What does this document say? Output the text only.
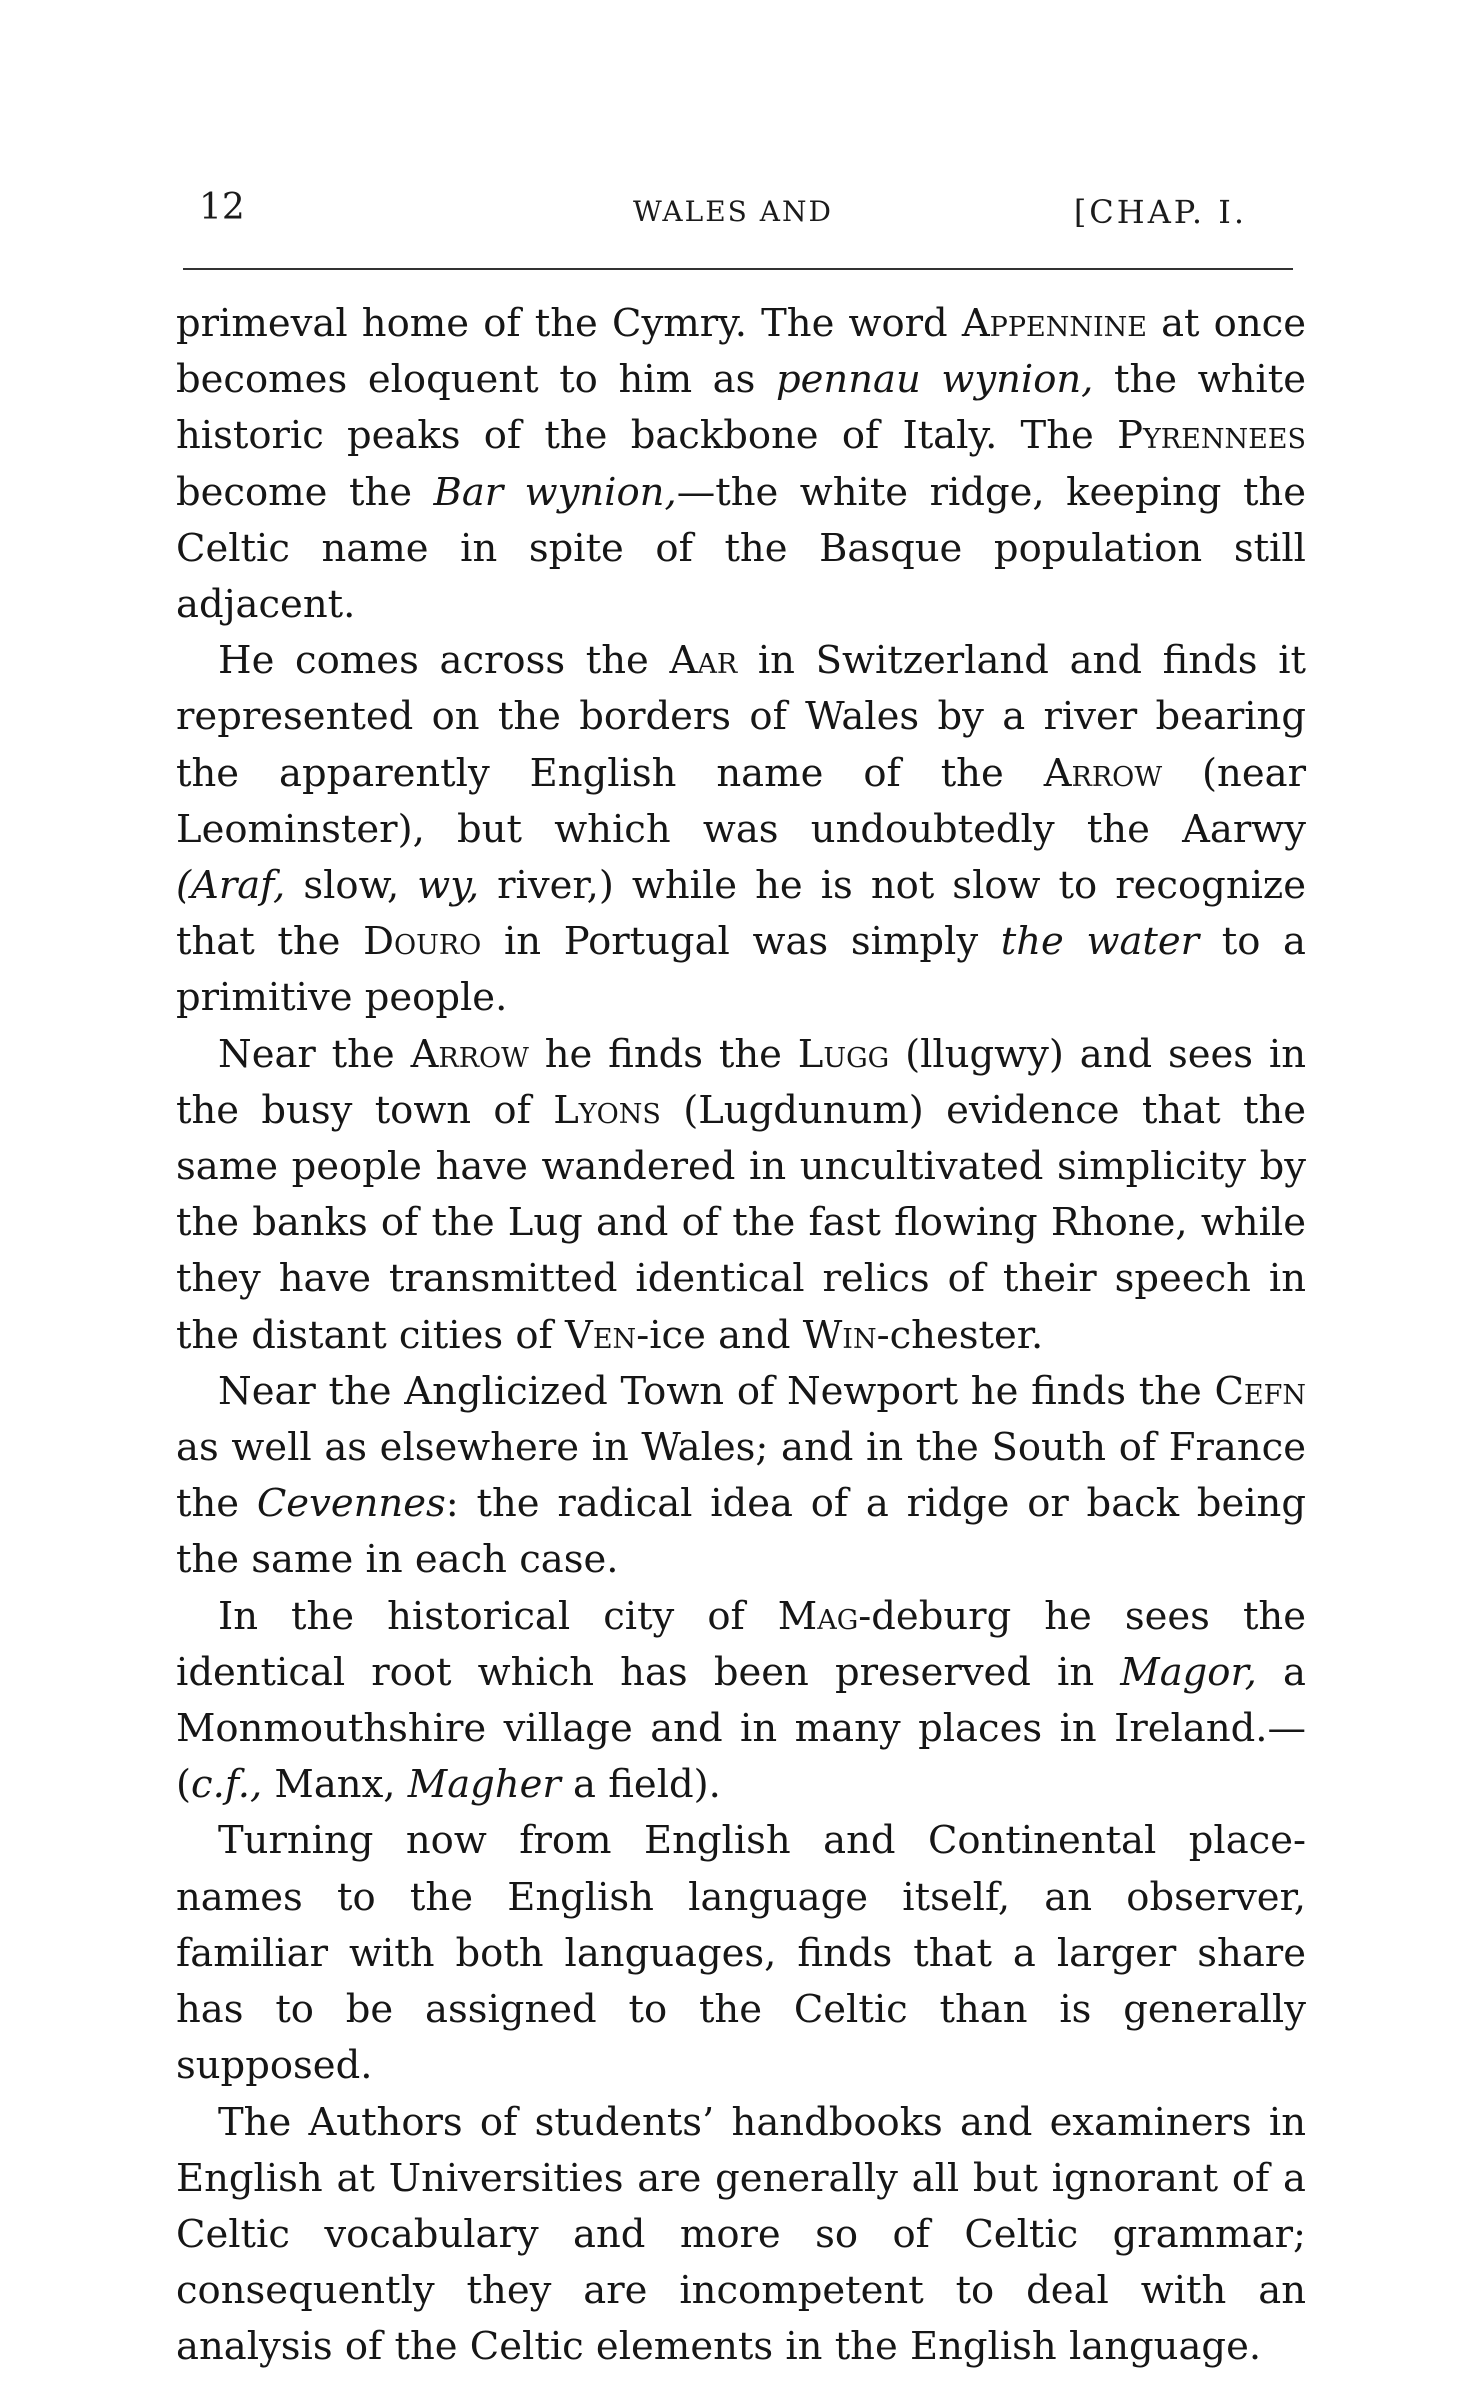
12	WALES AND	[CHAP. I.

primeval home of the Cymry. The word Appennine at once becomes eloquent to him as pennau wynion, the white historic peaks of the backbone of Italy. The Pyrennees become the Bar wynion,—the white ridge, keeping the Celtic name in spite of the Basque population still adjacent.

He comes across the Aar in Switzerland and finds it represented on the borders of Wales by a river bearing the apparently English name of the Arrow (near Leominster), but which was undoubtedly the Aarwy (Araf, slow, wy, river,) while he is not slow to recognize that the Douro in Portugal was simply the water to a primitive people.

Near the Arrow he finds the Lugg (llugwy) and sees in the busy town of Lyons (Lugdunum) evidence that the same people have wandered in uncultivated simplicity by the banks of the Lug and of the fast flowing Rhone, while they have transmitted identical relics of their speech in the distant cities of Ven-ice and Win-chester.

Near the Anglicized Town of Newport he finds the Cefn as well as elsewhere in Wales; and in the South of France the Cevennes: the radical idea of a ridge or back being the same in each case.

In the historical city of Mag-deburg he sees the identical root which has been preserved in Magor, a Monmouthshire village and in many places in Ireland.—(c.f., Manx, Magher a field).

Turning now from English and Continental place-names to the English language itself, an observer, familiar with both languages, finds that a larger share has to be assigned to the Celtic than is generally supposed.

The Authors of students’ handbooks and examiners in English at Universities are generally all but ignorant of a Celtic vocabulary and more so of Celtic grammar; consequently they are incompetent to deal with an analysis of the Celtic elements in the English language.
